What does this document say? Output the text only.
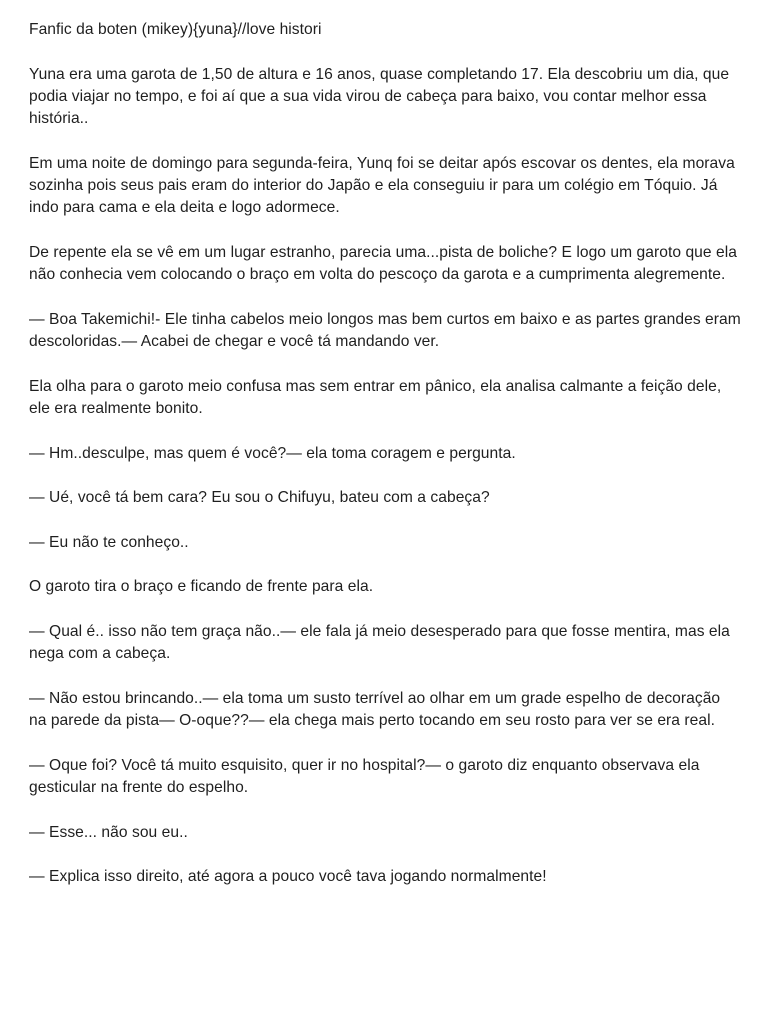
Fanfic da boten (mikey){yuna}//love histori

Yuna era uma garota de 1,50 de altura e 16 anos, quase completando 17. Ela descobriu um dia, que podia viajar no tempo, e foi aí que a sua vida virou de cabeça para baixo, vou contar melhor essa história..

Em uma noite de domingo para segunda-feira, Yunq foi se deitar após escovar os dentes, ela morava sozinha pois seus pais eram do interior do Japão e ela conseguiu ir para um colégio em Tóquio. Já indo para cama e ela deita e logo adormece.

De repente ela se vê em um lugar estranho, parecia uma...pista de boliche? E logo um garoto que ela não conhecia vem colocando o braço em volta do pescoço da garota e a cumprimenta alegremente.

— Boa Takemichi!- Ele tinha cabelos meio longos mas bem curtos em baixo e as partes grandes eram descoloridas.— Acabei de chegar e você tá mandando ver.

Ela olha para o garoto meio confusa mas sem entrar em pânico, ela analisa calmante a feição dele, ele era realmente bonito.

— Hm..desculpe, mas quem é você?— ela toma coragem e pergunta.

— Ué, você tá bem cara? Eu sou o Chifuyu, bateu com a cabeça?

— Eu não te conheço..

O garoto tira o braço e ficando de frente para ela.

— Qual é.. isso não tem graça não..— ele fala já meio desesperado para que fosse mentira, mas ela nega com a cabeça.

— Não estou brincando..— ela toma um susto terrível ao olhar em um grade espelho de decoração na parede da pista— O-oque??— ela chega mais perto tocando em seu rosto para ver se era real.

— Oque foi? Você tá muito esquisito, quer ir no hospital?— o garoto diz enquanto observava ela gesticular na frente do espelho.

— Esse... não sou eu..

— Explica isso direito, até agora a pouco você tava jogando normalmente!
